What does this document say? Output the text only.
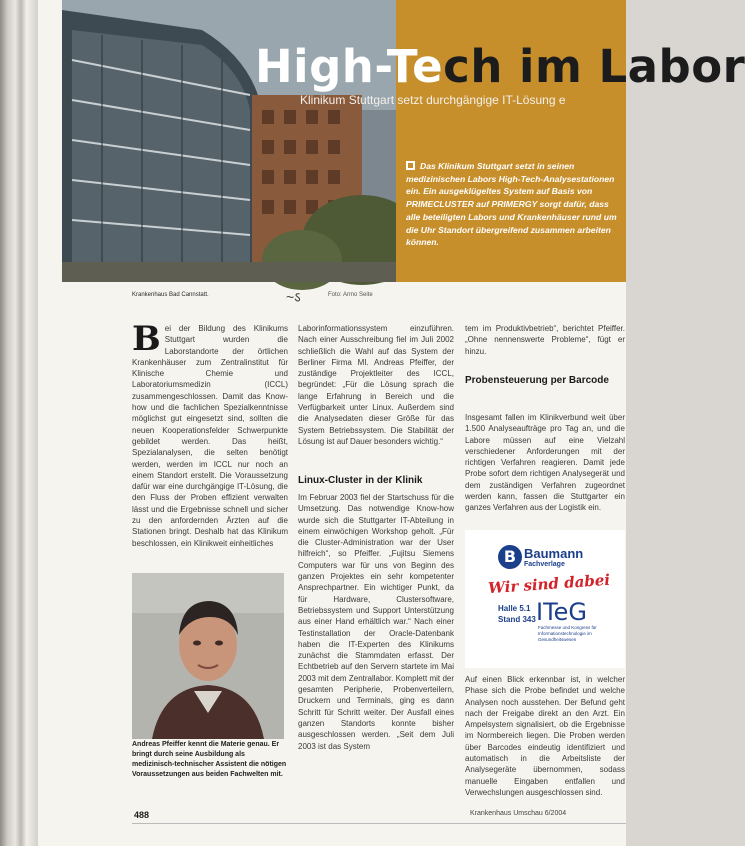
High-Tech im Labor
Klinikum Stuttgart setzt durchgängige IT-Lösung e
Das Klinikum Stuttgart setzt in seinen medizinischen Labors High-Tech-Analysestationen ein. Ein ausgeklügeltes System auf Basis von PRIMECLUSTER auf PRIMERGY sorgt dafür, dass alle beteiligten Labors und Krankenhäuser rund um die Uhr Standort übergreifend zusammen arbeiten können.
Krankenhaus Bad Cannstatt.	~ऽ	Foto: Armo Seite
Bei der Bildung des Klinikums Stuttgart wurden die Laborstandorte der örtlichen Krankenhäuser zum Zentralinstitut für Klinische Chemie und Laboratoriumsmedizin (ICCL) zusammengeschlossen. Damit das Know-how und die fachlichen Spezialkenntnisse möglichst gut eingesetzt sind, sollten die neuen Kooperationsfelder Schwerpunkte gebildet werden. Das heißt, Spezialanalysen, die selten benötigt werden, werden im ICCL nur noch an einem Standort erstellt. Die Voraussetzung dafür war eine durchgängige IT-Lösung, die den Fluss der Proben effizient verwalten lässt und die Ergebnisse schnell und sicher zu den anfordernden Ärzten auf die Stationen bringt. Deshalb hat das Klinikum beschlossen, ein Klinikweit einheitliches
Laborinformationssystem einzuführen. Nach einer Ausschreibung fiel im Juli 2002 schließlich die Wahl auf das System der Berliner Firma MI. Andreas Pfeiffer, der zuständige Projektleiter des ICCL, begründet: „Für die Lösung sprach die lange Erfahrung in Bereich und die Verfügbarkeit unter Linux. Außerdem sind die Analysedaten dieser Größe für das System Betriebssystem. Die Stabilität der Lösung ist auf Dauer besonders wichtig.“
Linux-Cluster in der Klinik
Im Februar 2003 fiel der Startschuss für die Umsetzung. Das notwendige Know-how wurde sich die Stuttgarter IT-Abteilung in einem einwöchigen Workshop geholt. „Für die Cluster-Administration war der User hilfreich“, so Pfeiffer. „Fujitsu Siemens Computers war für uns von Beginn des ganzen Projektes ein sehr kompetenter Ansprechpartner. Ein wichtiger Punkt, da für Hardware, Clustersoftware, Betriebssystem und Support Unterstützung aus einer Hand erhältlich war.“ Nach einer Testinstallation der Oracle-Datenbank haben die IT-Experten des Klinikums zunächst die Stammdaten erfasst. Der Echtbetrieb auf den Servern startete im Mai 2003 mit dem Zentrallabor. Komplett mit der gesamten Peripherie, Probenverteilern, Druckern und Terminals, ging es dann Schritt für Schritt weiter. Der Ausfall eines ganzen Standorts konnte bisher ausgeschlossen werden. „Seit dem Juli 2003 ist das System
tem im Produktivbetrieb“, berichtet Pfeiffer. „Ohne nennenswerte Probleme“, fügt er hinzu.
Probensteuerung per Barcode
Insgesamt fallen im Klinikverbund weit über 1.500 Analyseaufträge pro Tag an, und die Labore müssen auf eine Vielzahl verschiedener Anforderungen mit der richtigen Verfahren reagieren. Damit jede Probe sofort dem richtigen Analysegerät und dem zuständigen Verfahren zugeordnet werden kann, fassen die Stuttgarter ein ganzes Verfahren aus der Logistik ein.
Andreas Pfeiffer kennt die Materie genau. Er bringt durch seine Ausbildung als medizinisch-technischer Assistent die nötigen Voraussetzungen aus beiden Fachwelten mit.
B Baumann
Fachverlage
Wir sind dabei
Halle 5.1
Stand 343 ITeG
Fachmesse und Kongress für Informationstechnologie im Gesundheitswesen
Auf einen Blick erkennbar ist, in welcher Phase sich die Probe befindet und welche Analysen noch ausstehen. Der Befund geht nach der Freigabe direkt an den Arzt. Ein Ampelsystem signalisiert, ob die Ergebnisse im Normbereich liegen. Die Proben werden über Barcodes eindeutig identifiziert und automatisch in die Arbeitsliste der Analysegeräte übernommen, sodass manuelle Eingaben entfallen und Verwechslungen ausgeschlossen sind.
488	Krankenhaus Umschau 6/2004
